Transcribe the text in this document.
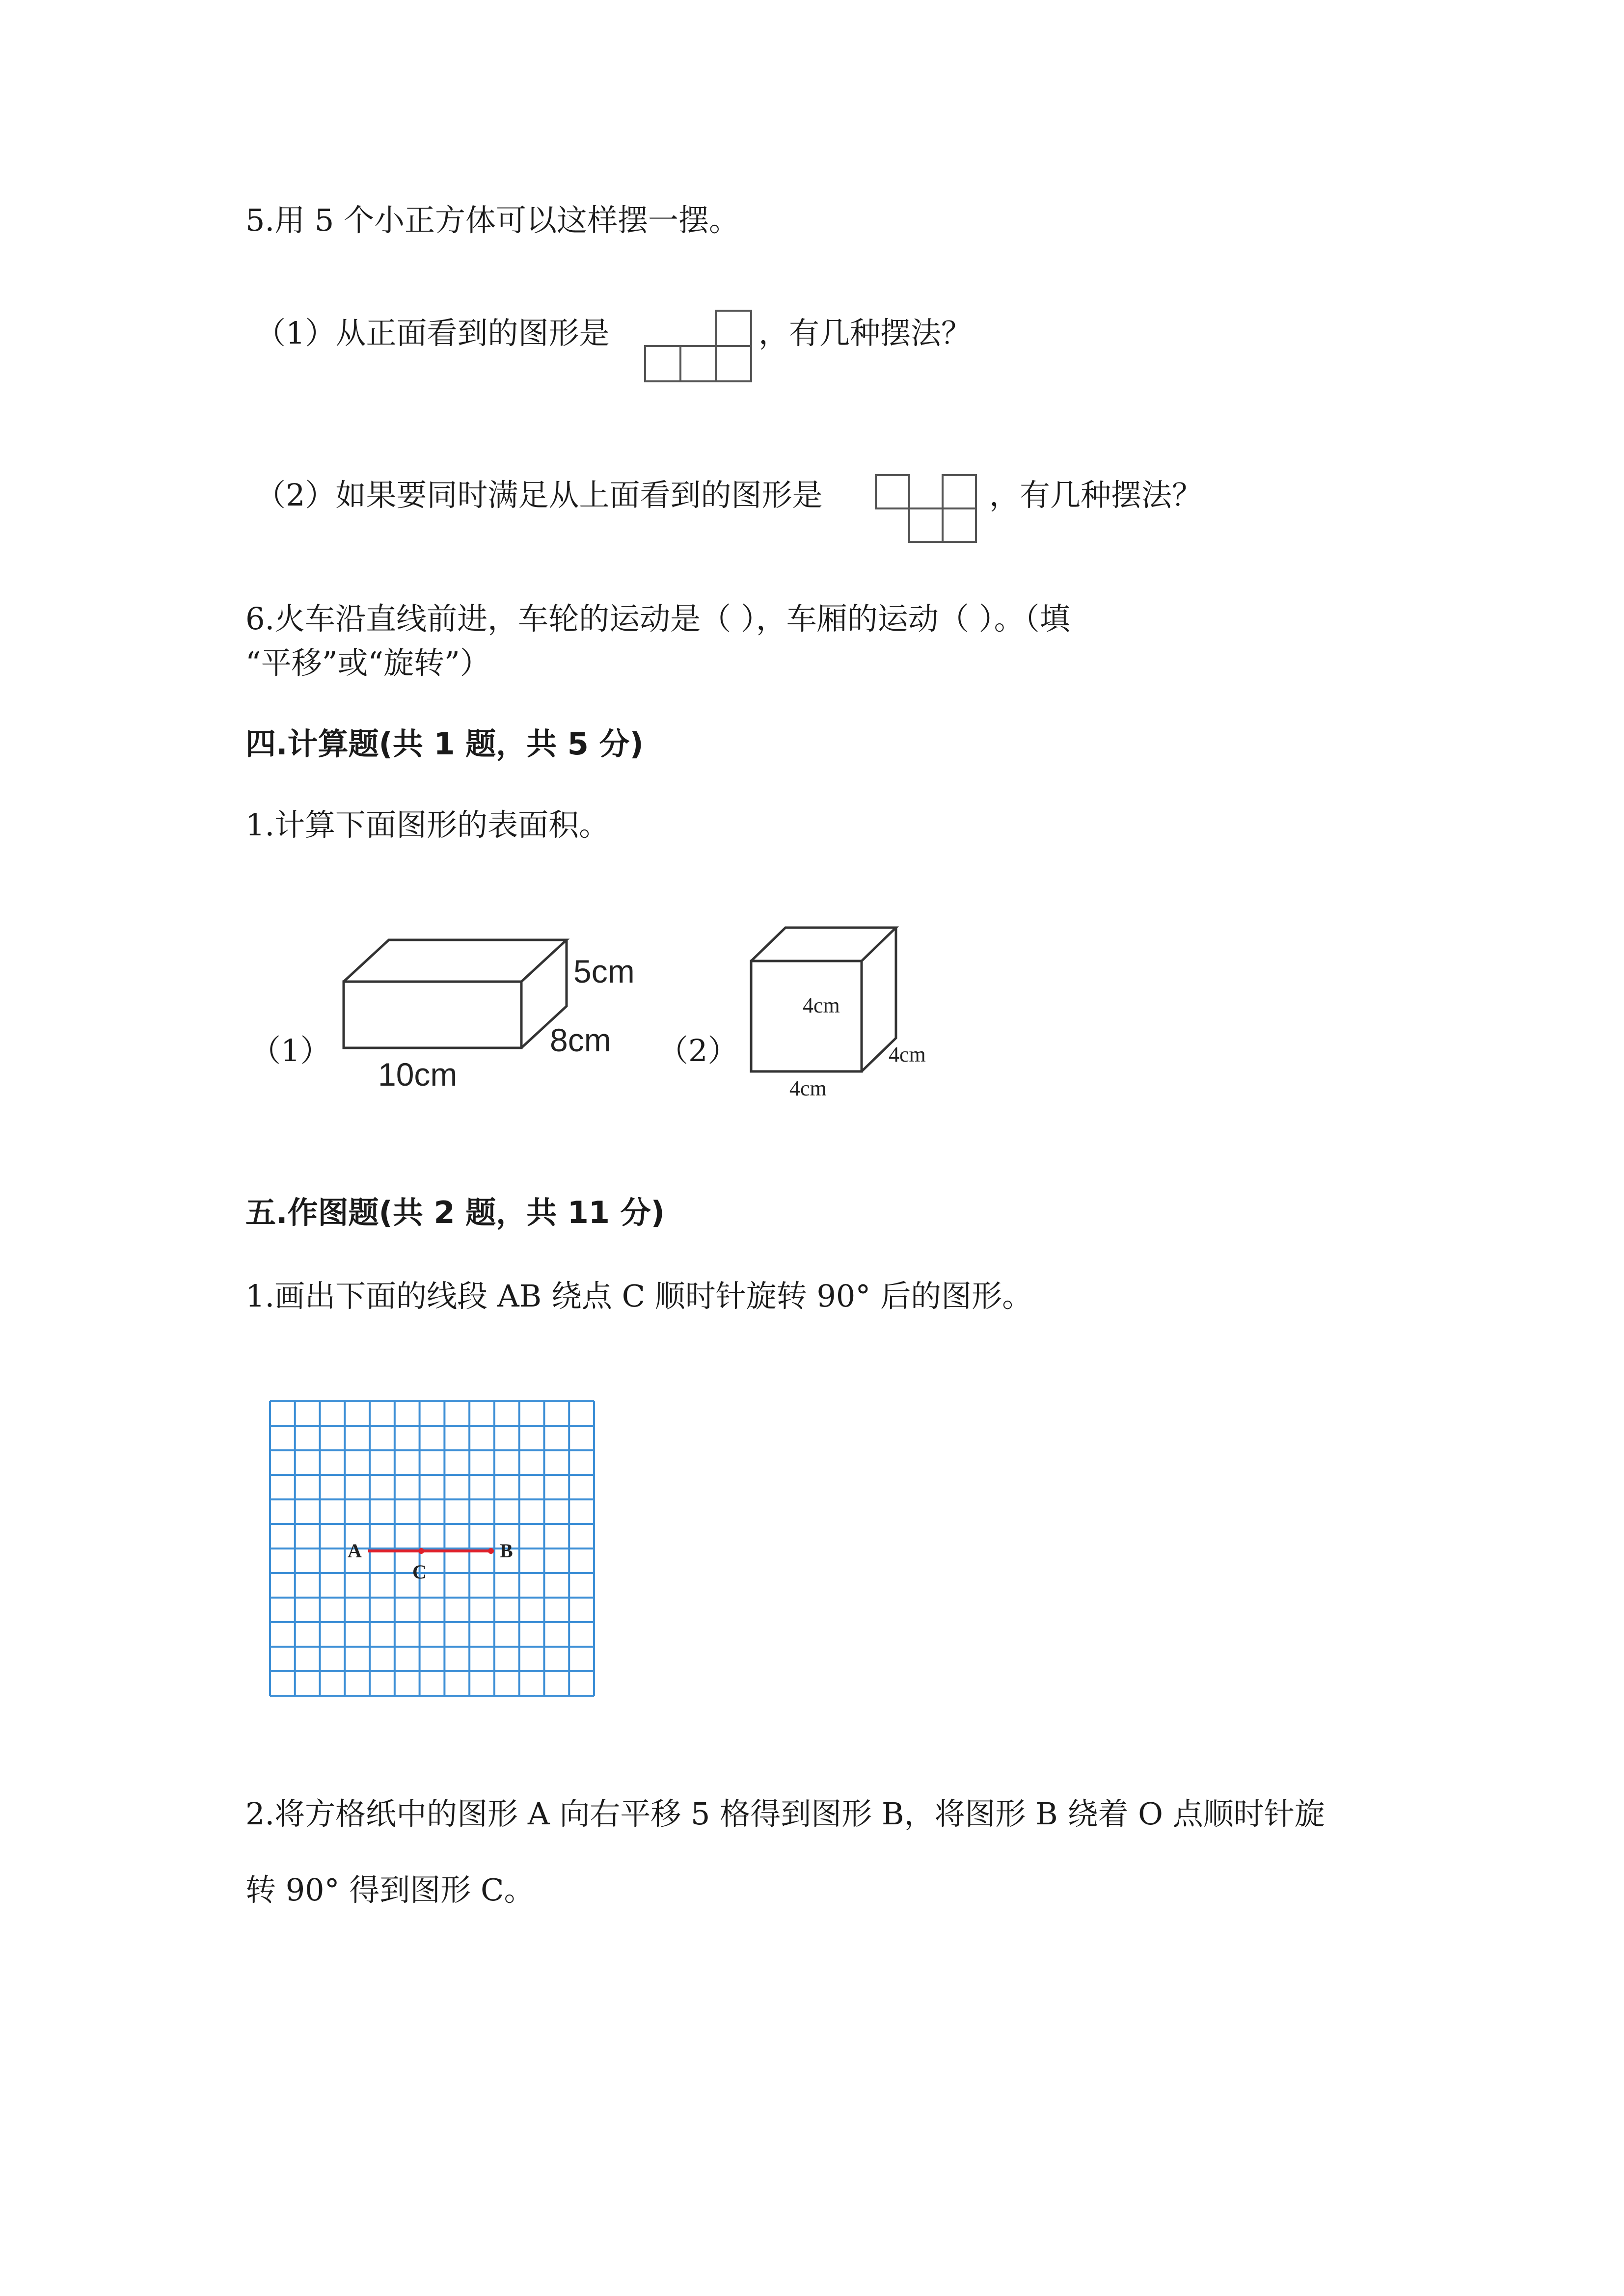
5.用 5 个小正方体可以这样摆一摆。
（1）从正面看到的图形是	，有几种摆法？
（2）如果要同时满足从上面看到的图形是	，有几种摆法？
6.火车沿直线前进，车轮的运动是（ ），车厢的运动（ ）。（填
“平移”或“旋转”）
四.计算题(共 1 题，共 5 分)
1.计算下面图形的表面积。
（1）
5cm
8cm
10cm
（2）
4cm
4cm
4cm
五.作图题(共 2 题，共 11 分)
1.画出下面的线段 AB 绕点 C 顺时针旋转 90° 后的图形。
A	B
C
2.将方格纸中的图形 A 向右平移 5 格得到图形 B，将图形 B 绕着 O 点顺时针旋
转 90° 得到图形 C。
